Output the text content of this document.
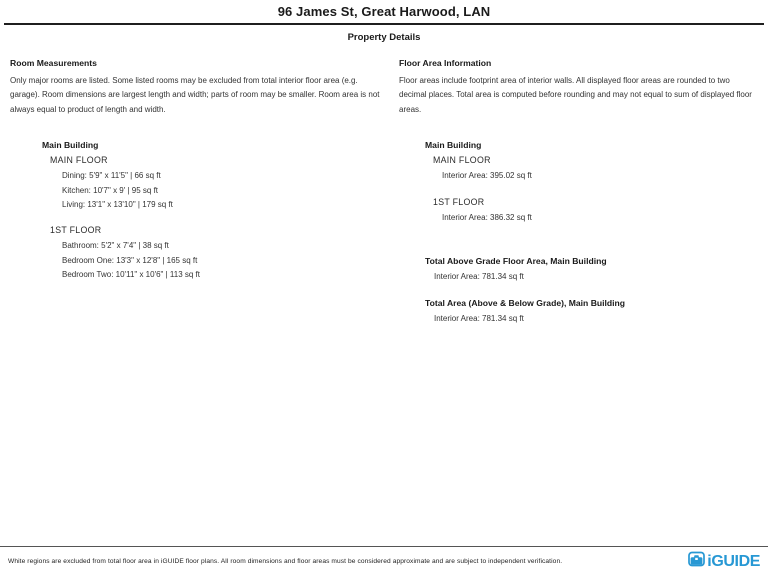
96 James St, Great Harwood, LAN
Property Details
Room Measurements
Only major rooms are listed. Some listed rooms may be excluded from total interior floor area (e.g. garage). Room dimensions are largest length and width; parts of room may be smaller. Room area is not always equal to product of length and width.
Main Building
MAIN FLOOR
Dining: 5'9" x 11'5" | 66 sq ft
Kitchen: 10'7" x 9' | 95 sq ft
Living: 13'1" x 13'10" | 179 sq ft
1ST FLOOR
Bathroom: 5'2" x 7'4" | 38 sq ft
Bedroom One: 13'3" x 12'8" | 165 sq ft
Bedroom Two: 10'11" x 10'6" | 113 sq ft
Floor Area Information
Floor areas include footprint area of interior walls. All displayed floor areas are rounded to two decimal places. Total area is computed before rounding and may not equal to sum of displayed floor areas.
Main Building
MAIN FLOOR
Interior Area: 395.02 sq ft
1ST FLOOR
Interior Area: 386.32 sq ft
Total Above Grade Floor Area, Main Building
Interior Area: 781.34 sq ft
Total Area (Above & Below Grade), Main Building
Interior Area: 781.34 sq ft
White regions are excluded from total floor area in iGUIDE floor plans. All room dimensions and floor areas must be considered approximate and are subject to independent verification.	iGUIDE
